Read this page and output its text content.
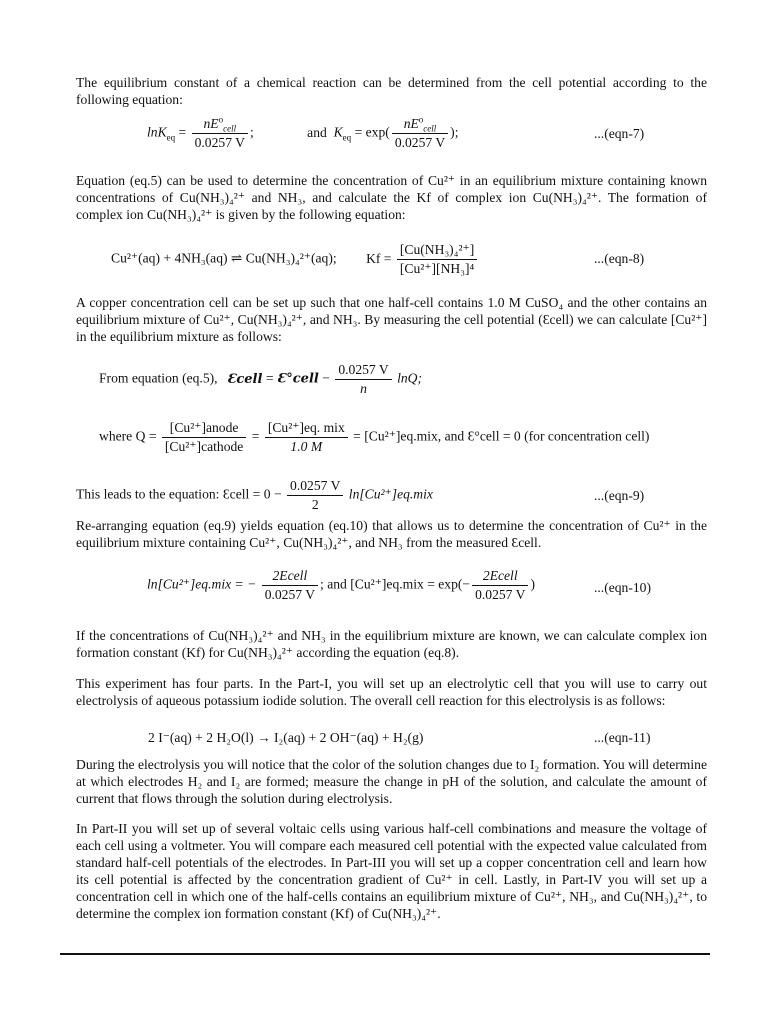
The equilibrium constant of a chemical reaction can be determined from the cell potential according to the following equation:

$\ln K_{eq} = \frac{nE^o_{cell}}{0.0257 V}$ ;	and $K_{eq} = \exp( \frac{nE^o_{cell}}{0.0257 V}$ );	...(eqn-7)

Equation (eq.5) can be used to determine the concentration of Cu²⁺ in an equilibrium mixture containing known concentrations of Cu(NH₃)₄²⁺ and NH₃, and calculate the Kf of complex ion Cu(NH₃)₄²⁺. The formation of complex ion Cu(NH₃)₄²⁺ is given by the following equation:

Cu²⁺(aq) + 4NH₃(aq) ⇌ Cu(NH₃)₄²⁺(aq); $Kf = \frac{\text{[Cu(NH₃)₄²⁺]}}{\text{[Cu²⁺][NH₃]⁴}}$	...(eqn-8)

A copper concentration cell can be set up such that one half-cell contains 1.0 M CuSO₄ and the other contains an equilibrium mixture of Cu²⁺, Cu(NH₃)₄²⁺, and NH₃. By measuring the cell potential (Ɛcell) we can calculate [Cu²⁺] in the equilibrium mixture as follows:

From equation (eq.5), Ɛcell = Ɛ°cell − $\frac{0.0257 V}{n} \ln Q$;
where $Q = \frac{\text{[Cu²⁺]anode}}{\text{[Cu²⁺]cathode}} = \frac{\text{[Cu²⁺]eq. mix}}{1.0 M} = [Cu^{2+}]eq.mix$, and Ɛ°cell = 0 (for concentration cell)
This leads to the equation: Ɛcell = $0 - \frac{0.0257 V}{2} \ln[Cu^{2+}]eq.mix$	...(eqn-9)

Re-arranging equation (eq.9) yields equation (eq.10) that allows us to determine the concentration of Cu²⁺ in the equilibrium mixture containing Cu²⁺, Cu(NH₃)₄²⁺, and NH₃ from the measured Ɛcell.

ln[Cu²⁺]eq.mix = − $\frac{\text{2Ecell}}{0.0257 V}$ ; and $[Cu^{2+}]eq.mix = \exp(- \frac{\text{2Ecell}}{0.0257 V}$ )	...(eqn-10)

If the concentrations of Cu(NH₃)₄²⁺ and NH₃ in the equilibrium mixture are known, we can calculate complex ion formation constant (Kf) for Cu(NH₃)₄²⁺ according the equation (eq.8).

This experiment has four parts. In the Part-I, you will set up an electrolytic cell that you will use to carry out electrolysis of aqueous potassium iodide solution. The overall cell reaction for this electrolysis is as follows:

2 I⁻(aq) + 2 H₂O(l) → I₂(aq) + 2 OH⁻(aq) + H₂(g)	...(eqn-11)

During the electrolysis you will notice that the color of the solution changes due to I₂ formation. You will determine at which electrodes H₂ and I₂ are formed; measure the change in pH of the solution, and calculate the amount of current that flows through the solution during electrolysis.

In Part-II you will set up of several voltaic cells using various half-cell combinations and measure the voltage of each cell using a voltmeter. You will compare each measured cell potential with the expected value calculated from standard half-cell potentials of the electrodes. In Part-III you will set up a copper concentration cell and learn how its cell potential is affected by the concentration gradient of Cu²⁺ in cell. Lastly, in Part-IV you will set up a concentration cell in which one of the half-cells contains an equilibrium mixture of Cu²⁺, NH₃, and Cu(NH₃)₄²⁺, to determine the complex ion formation constant (Kf) of Cu(NH₃)₄²⁺.
